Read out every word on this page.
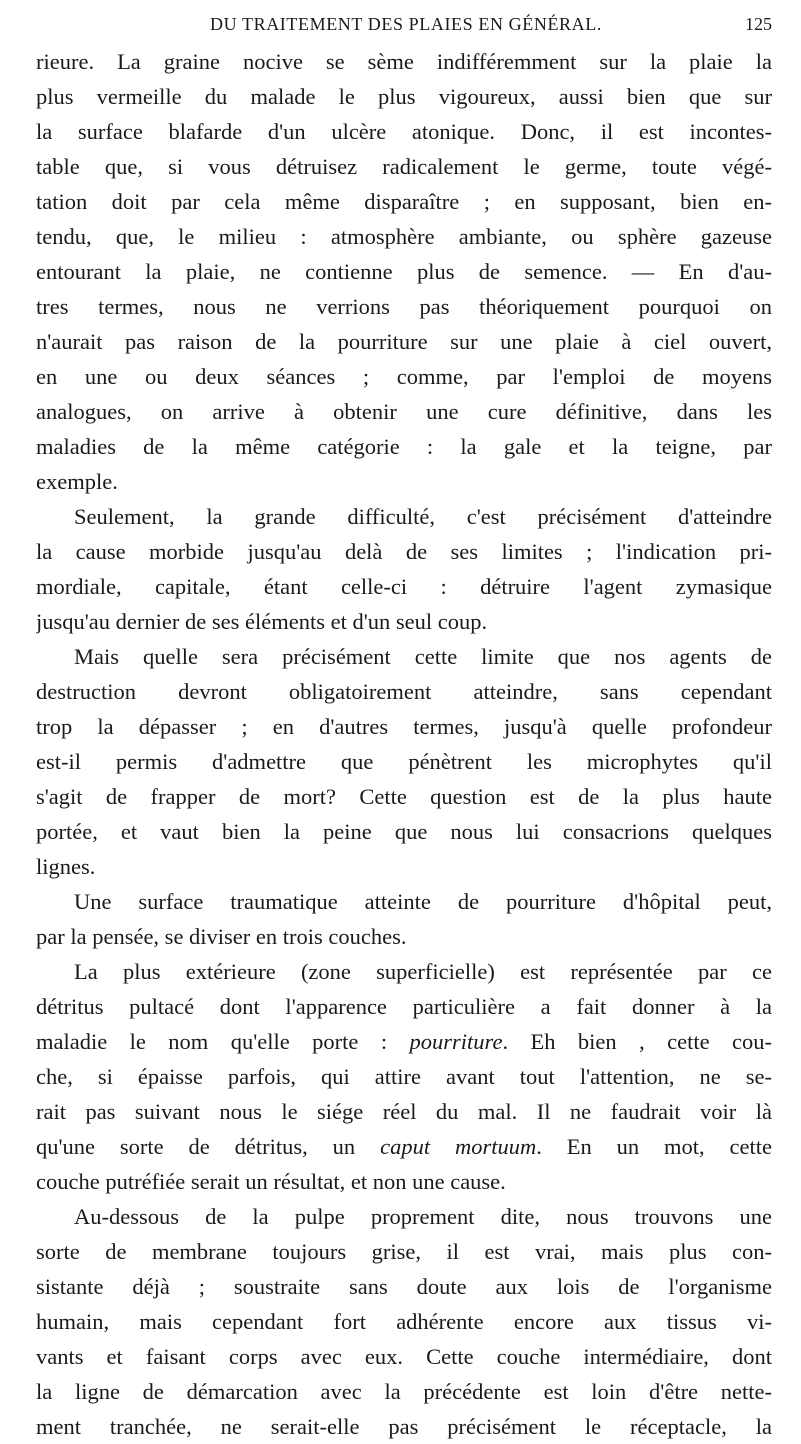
DU TRAITEMENT DES PLAIES EN GÉNÉRAL.	125
rieure. La graine nocive se sème indifféremment sur la plaie la
plus vermeille du malade le plus vigoureux, aussi bien que sur
la surface blafarde d'un ulcère atonique. Donc, il est incontes-
table que, si vous détruisez radicalement le germe, toute végé-
tation doit par cela même disparaître ; en supposant, bien en-
tendu, que, le milieu : atmosphère ambiante, ou sphère gazeuse
entourant la plaie, ne contienne plus de semence. — En d'au-
tres termes, nous ne verrions pas théoriquement pourquoi on
n'aurait pas raison de la pourriture sur une plaie à ciel ouvert,
en une ou deux séances ; comme, par l'emploi de moyens
analogues, on arrive à obtenir une cure définitive, dans les
maladies de la même catégorie : la gale et la teigne, par
exemple.
Seulement, la grande difficulté, c'est précisément d'atteindre
la cause morbide jusqu'au delà de ses limites ; l'indication pri-
mordiale, capitale, étant celle-ci : détruire l'agent zymasique
jusqu'au dernier de ses éléments et d'un seul coup.
Mais quelle sera précisément cette limite que nos agents de
destruction devront obligatoirement atteindre, sans cependant
trop la dépasser ; en d'autres termes, jusqu'à quelle profondeur
est-il permis d'admettre que pénètrent les microphytes qu'il
s'agit de frapper de mort? Cette question est de la plus haute
portée, et vaut bien la peine que nous lui consacrions quelques
lignes.
Une surface traumatique atteinte de pourriture d'hôpital peut,
par la pensée, se diviser en trois couches.
La plus extérieure (zone superficielle) est représentée par ce
détritus pultacé dont l'apparence particulière a fait donner à la
maladie le nom qu'elle porte : pourriture. Eh bien , cette cou-
che, si épaisse parfois, qui attire avant tout l'attention, ne se-
rait pas suivant nous le siége réel du mal. Il ne faudrait voir là
qu'une sorte de détritus, un caput mortuum. En un mot, cette
couche putréfiée serait un résultat, et non une cause.
Au-dessous de la pulpe proprement dite, nous trouvons une
sorte de membrane toujours grise, il est vrai, mais plus con-
sistante déjà ; soustraite sans doute aux lois de l'organisme
humain, mais cependant fort adhérente encore aux tissus vi-
vants et faisant corps avec eux. Cette couche intermédiaire, dont
la ligne de démarcation avec la précédente est loin d'être nette-
ment tranchée, ne serait-elle pas précisément le réceptacle, la
